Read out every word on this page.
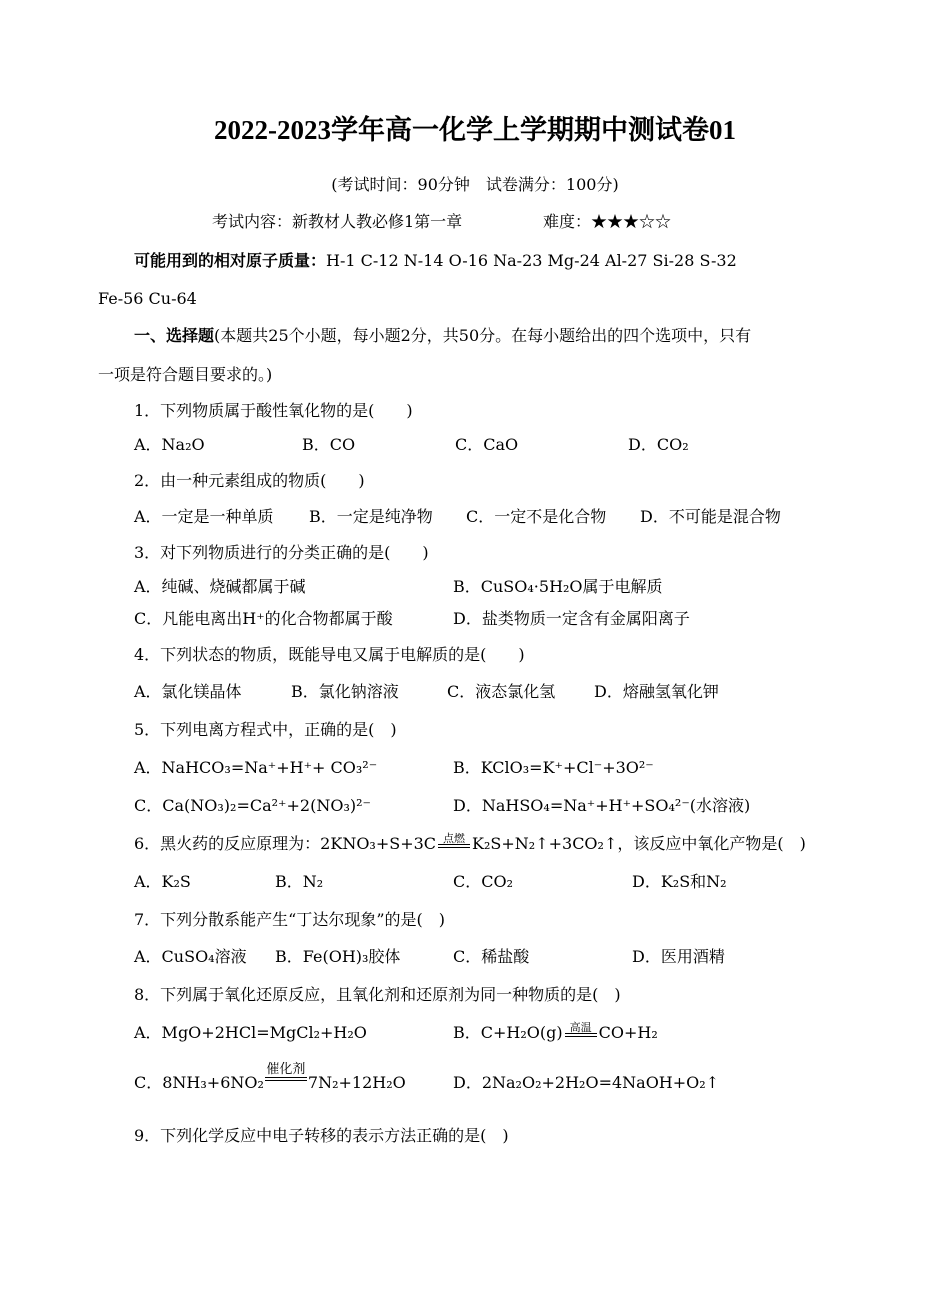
2022-2023学年高一化学上学期期中测试卷01
(考试时间：90分钟　试卷满分：100分)
考试内容：新教材人教必修1第一章	难度：★★★☆☆
可能用到的相对原子质量：H-1 C-12 N-14 O-16 Na-23 Mg-24 Al-27 Si-28 S-32
Fe-56 Cu-64
一、选择题(本题共25个小题，每小题2分，共50分。在每小题给出的四个选项中，只有
一项是符合题目要求的。)
1．下列物质属于酸性氧化物的是(　　)
A．Na₂O	B．CO	C．CaO	D．CO₂
2．由一种元素组成的物质(　　)
A．一定是一种单质 B．一定是纯净物 C．一定不是化合物 D．不可能是混合物
3．对下列物质进行的分类正确的是(　　)
A．纯碱、烧碱都属于碱	B．CuSO₄·5H₂O属于电解质
C．凡能电离出H⁺的化合物都属于酸	D．盐类物质一定含有金属阳离子
4．下列状态的物质，既能导电又属于电解质的是(　　)
A．氯化镁晶体	B．氯化钠溶液	C．液态氯化氢 D．熔融氢氧化钾
5．下列电离方程式中，正确的是(　)
A．NaHCO₃=Na⁺+H⁺+ CO₃²⁻	B．KClO₃=K⁺+Cl⁻+3O²⁻
C．Ca(NO₃)₂=Ca²⁺+2(NO₃)²⁻	D．NaHSO₄=Na⁺+H⁺+SO₄²⁻(水溶液)
6．黑火药的反应原理为：2KNO₃+S+3C 点燃 K₂S+N₂↑+3CO₂↑，该反应中氧化产物是(　)
A．K₂S	B．N₂	C．CO₂	D．K₂S和N₂
7．下列分散系能产生“丁达尔现象”的是(　)
A．CuSO₄溶液 B．Fe(OH)₃胶体	C．稀盐酸	D．医用酒精
8．下列属于氧化还原反应，且氧化剂和还原剂为同一种物质的是(　)
A．MgO+2HCl=MgCl₂+H₂O	B．C+H₂O(g) 高温 CO+H₂
C．8NH₃+6NO₂
催化剂
7N₂+12H₂O	D．2Na₂O₂+2H₂O=4NaOH+O₂↑
9．下列化学反应中电子转移的表示方法正确的是(　)
